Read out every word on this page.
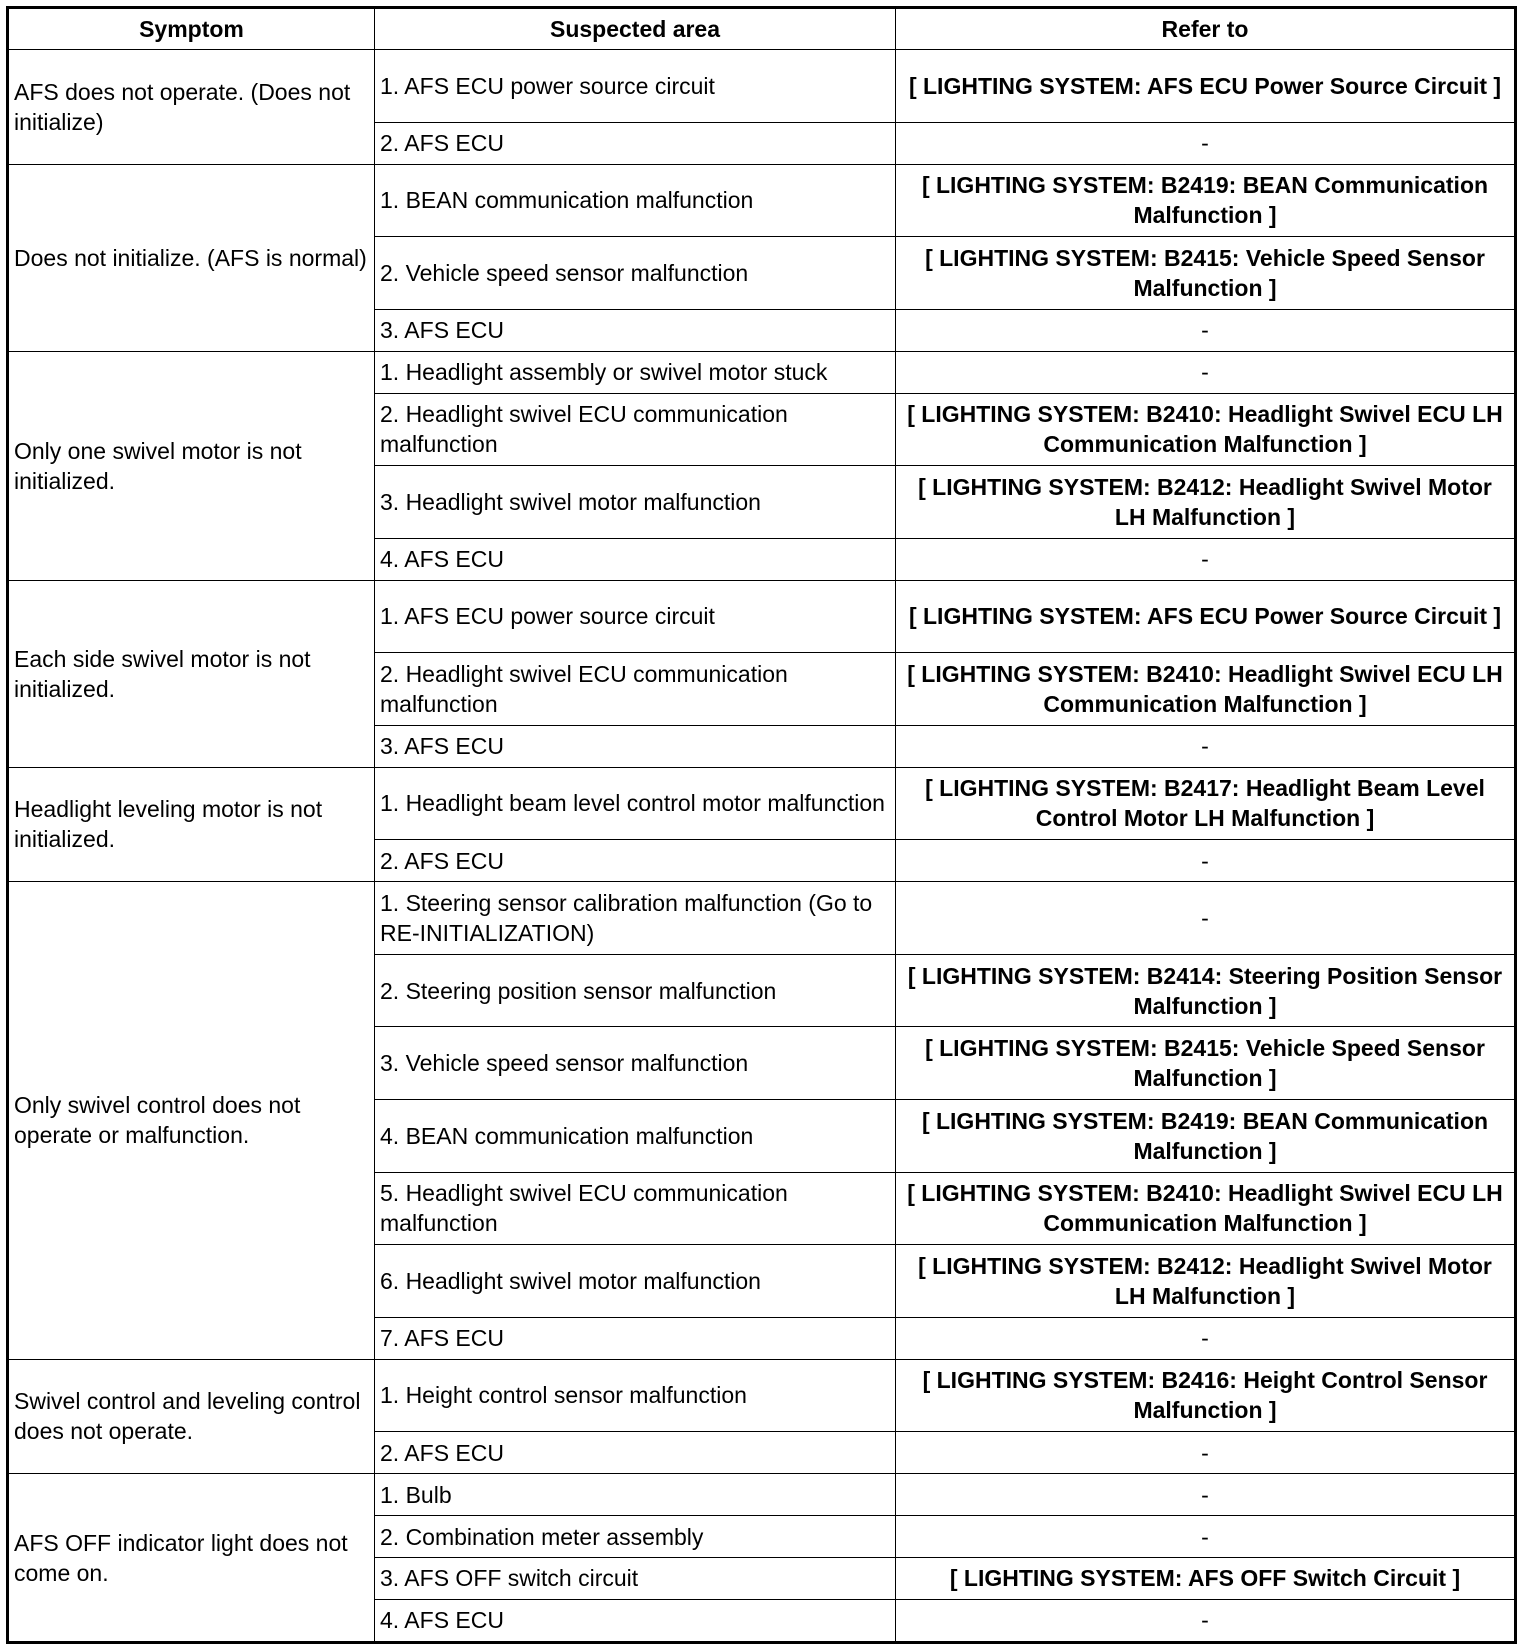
Symptom	Suspected area	Refer to
AFS does not operate. (Does not initialize)	1. AFS ECU power source circuit	[ LIGHTING SYSTEM: AFS ECU Power Source Circuit ]
	2. AFS ECU	-
Does not initialize. (AFS is normal)	1. BEAN communication malfunction	[ LIGHTING SYSTEM: B2419: BEAN Communication Malfunction ]
	2. Vehicle speed sensor malfunction	[ LIGHTING SYSTEM: B2415: Vehicle Speed Sensor Malfunction ]
	3. AFS ECU	-
Only one swivel motor is not initialized.	1. Headlight assembly or swivel motor stuck	-
	2. Headlight swivel ECU communication malfunction	[ LIGHTING SYSTEM: B2410: Headlight Swivel ECU LH Communication Malfunction ]
	3. Headlight swivel motor malfunction	[ LIGHTING SYSTEM: B2412: Headlight Swivel Motor LH Malfunction ]
	4. AFS ECU	-
Each side swivel motor is not initialized.	1. AFS ECU power source circuit	[ LIGHTING SYSTEM: AFS ECU Power Source Circuit ]
	2. Headlight swivel ECU communication malfunction	[ LIGHTING SYSTEM: B2410: Headlight Swivel ECU LH Communication Malfunction ]
	3. AFS ECU	-
Headlight leveling motor is not initialized.	1. Headlight beam level control motor malfunction	[ LIGHTING SYSTEM: B2417: Headlight Beam Level Control Motor LH Malfunction ]
	2. AFS ECU	-
Only swivel control does not operate or malfunction.	1. Steering sensor calibration malfunction (Go to RE-INITIALIZATION)	-
	2. Steering position sensor malfunction	[ LIGHTING SYSTEM: B2414: Steering Position Sensor Malfunction ]
	3. Vehicle speed sensor malfunction	[ LIGHTING SYSTEM: B2415: Vehicle Speed Sensor Malfunction ]
	4. BEAN communication malfunction	[ LIGHTING SYSTEM: B2419: BEAN Communication Malfunction ]
	5. Headlight swivel ECU communication malfunction	[ LIGHTING SYSTEM: B2410: Headlight Swivel ECU LH Communication Malfunction ]
	6. Headlight swivel motor malfunction	[ LIGHTING SYSTEM: B2412: Headlight Swivel Motor LH Malfunction ]
	7. AFS ECU	-
Swivel control and leveling control does not operate.	1. Height control sensor malfunction	[ LIGHTING SYSTEM: B2416: Height Control Sensor Malfunction ]
	2. AFS ECU	-
AFS OFF indicator light does not come on.	1. Bulb	-
	2. Combination meter assembly	-
	3. AFS OFF switch circuit	[ LIGHTING SYSTEM: AFS OFF Switch Circuit ]
	4. AFS ECU	-
